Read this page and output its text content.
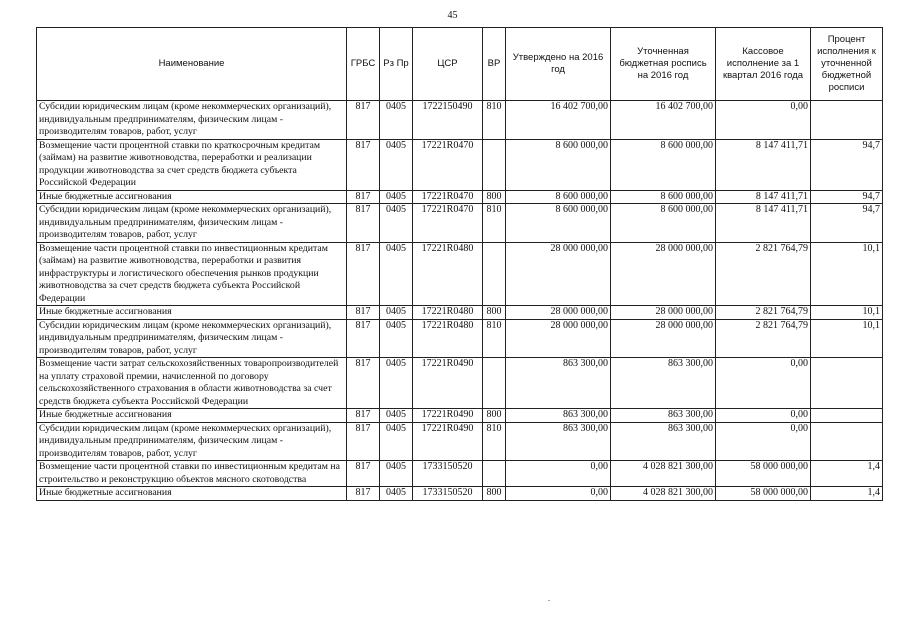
45
Наименование	ГРБС	Рз Пр	ЦСР	ВР	Утверждено на 2016 год	Уточненная бюджетная роспись на 2016 год	Кассовое исполнение за 1 квартал 2016 года	Процент исполнения к уточненной бюджетной росписи
Субсидии юридическим лицам (кроме некоммерческих организаций), индивидуальным предпринимателям, физическим лицам - производителям товаров, работ, услуг	817	0405	1722150490	810	16 402 700,00	16 402 700,00	0,00	
Возмещение части процентной ставки по краткосрочным кредитам (займам) на развитие животноводства, переработки и реализации продукции животноводства за счет средств бюджета субъекта Российской Федерации	817	0405	17221R0470		8 600 000,00	8 600 000,00	8 147 411,71	94,7
Иные бюджетные ассигнования	817	0405	17221R0470	800	8 600 000,00	8 600 000,00	8 147 411,71	94,7
Субсидии юридическим лицам (кроме некоммерческих организаций), индивидуальным предпринимателям, физическим лицам - производителям товаров, работ, услуг	817	0405	17221R0470	810	8 600 000,00	8 600 000,00	8 147 411,71	94,7
Возмещение части процентной ставки по инвестиционным кредитам (займам) на развитие животноводства, переработки и развития инфраструктуры и логистического обеспечения рынков продукции животноводства за счет средств бюджета субъекта Российской Федерации	817	0405	17221R0480		28 000 000,00	28 000 000,00	2 821 764,79	10,1
Иные бюджетные ассигнования	817	0405	17221R0480	800	28 000 000,00	28 000 000,00	2 821 764,79	10,1
Субсидии юридическим лицам (кроме некоммерческих организаций), индивидуальным предпринимателям, физическим лицам - производителям товаров, работ, услуг	817	0405	17221R0480	810	28 000 000,00	28 000 000,00	2 821 764,79	10,1
Возмещение части затрат сельскохозяйственных товаропроизводителей на уплату страховой премии, начисленной по договору сельскохозяйственного страхования в области животноводства за счет средств бюджета субъекта Российской Федерации	817	0405	17221R0490		863 300,00	863 300,00	0,00	
Иные бюджетные ассигнования	817	0405	17221R0490	800	863 300,00	863 300,00	0,00	
Субсидии юридическим лицам (кроме некоммерческих организаций), индивидуальным предпринимателям, физическим лицам - производителям товаров, работ, услуг	817	0405	17221R0490	810	863 300,00	863 300,00	0,00	
Возмещение части процентной ставки по инвестиционным кредитам на строительство и реконструкцию объектов мясного скотоводства	817	0405	1733150520		0,00	4 028 821 300,00	58 000 000,00	1,4
Иные бюджетные ассигнования	817	0405	1733150520	800	0,00	4 028 821 300,00	58 000 000,00	1,4
